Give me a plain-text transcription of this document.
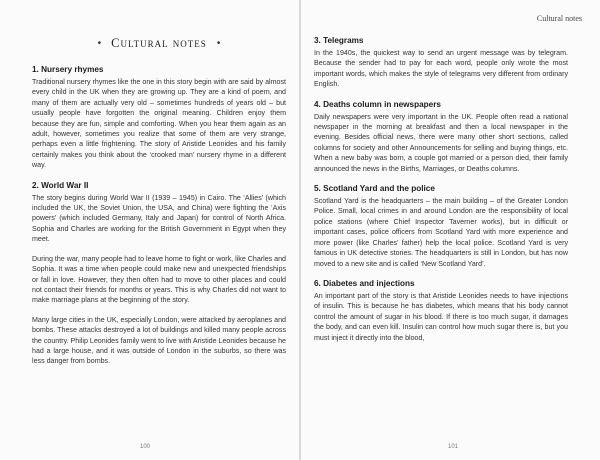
Cultural notes
• Cultural notes •
1. Nursery rhymes

Traditional nursery rhymes like the one in this story begin with are said by almost every child in the UK when they are growing up. They are a kind of poem, and many of them are actually very old – sometimes hundreds of years old – but usually people have forgotten the original meaning. Children enjoy them because they are fun, simple and comforting. When you hear them again as an adult, however, sometimes you realize that some of them are very strange, perhaps even a little frightening. The story of Aristide Leonides and his family certainly makes you think about the ‘crooked man’ nursery rhyme in a different way.

2. World War II

The story begins during World War II (1939 – 1945) in Cairo. The ‘Allies’ (which included the UK, the Soviet Union, the USA, and China) were fighting the ‘Axis powers’ (which included Germany, Italy and Japan) for control of North Africa. Sophia and Charles are working for the British Government in Egypt when they meet.

During the war, many people had to leave home to fight or work, like Charles and Sophia. It was a time when people could make new and unexpected friendships or fall in love. However, they then often had to move to other places and could not contact their friends for months or years. This is why Charles did not want to make marriage plans at the beginning of the story.

Many large cities in the UK, especially London, were attacked by aeroplanes and bombs. These attacks destroyed a lot of buildings and killed many people across the country. Philip Leonides family went to live with Aristide Leonides because he had a large house, and it was outside of London in the suburbs, so there was less danger from bombs.

100
3. Telegrams

In the 1940s, the quickest way to send an urgent message was by telegram. Because the sender had to pay for each word, people only wrote the most important words, which makes the style of telegrams very different from ordinary English.

4. Deaths column in newspapers

Daily newspapers were very important in the UK. People often read a national newspaper in the morning at breakfast and then a local newspaper in the evening. Besides official news, there were many other short sections, called columns for society and other Announcements for selling and buying things, etc. When a new baby was born, a couple got married or a person died, their family announced the news in the Births, Marriages, or Deaths columns.

5. Scotland Yard and the police

Scotland Yard is the headquarters – the main building – of the Greater London Police. Small, local crimes in and around London are the responsibility of local police stations (where Chief Inspector Taverner works), but in difficult or important cases, police officers from Scotland Yard with more experience and more power (like Charles’ father) help the local police. Scotland Yard is very famous in UK detective stories. The headquarters is still in London, but has now moved to a new site and is called ‘New Scotland Yard’.

6. Diabetes and injections

An important part of the story is that Aristide Leonides needs to have injections of insulin. This is because he has diabetes, which means that his body cannot control the amount of sugar in his blood. If there is too much sugar, it damages the body, and can even kill. Insulin can control how much sugar there is, but you must inject it directly into the blood,

101
